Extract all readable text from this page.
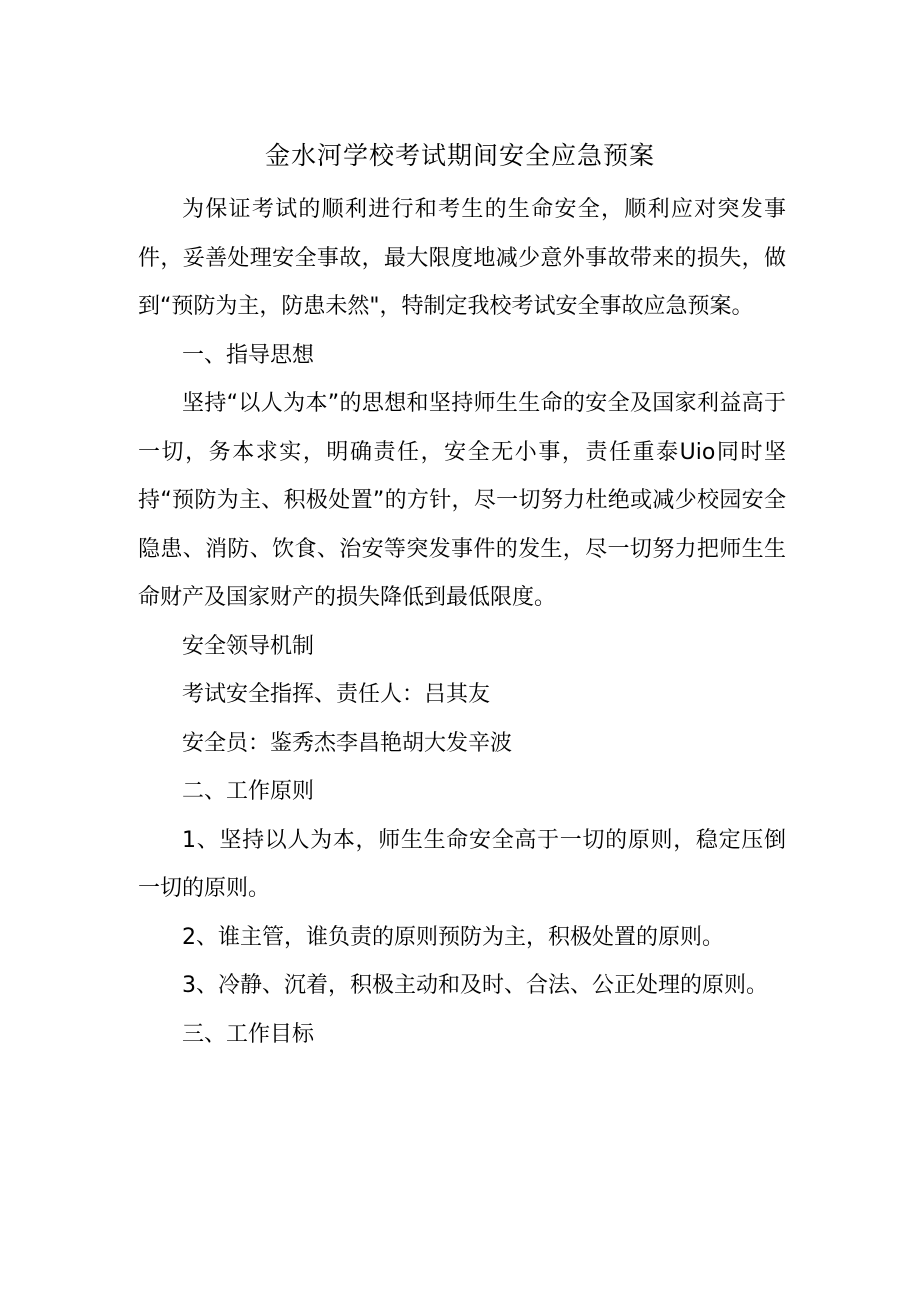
金水河学校考试期间安全应急预案

为保证考试的顺利进行和考生的生命安全，顺利应对突发事件，妥善处理安全事故，最大限度地减少意外事故带来的损失，做到“预防为主，防患未然"，特制定我校考试安全事故应急预案。

一、指导思想

坚持“以人为本”的思想和坚持师生生命的安全及国家利益高于一切，务本求实，明确责任，安全无小事，责任重泰Uio同时坚持“预防为主、积极处置”的方针，尽一切努力杜绝或减少校园安全隐患、消防、饮食、治安等突发事件的发生，尽一切努力把师生生命财产及国家财产的损失降低到最低限度。

安全领导机制

考试安全指挥、责任人：吕其友

安全员：鉴秀杰李昌艳胡大发辛波

二、工作原则

1、坚持以人为本，师生生命安全高于一切的原则，稳定压倒一切的原则。

2、谁主管，谁负责的原则预防为主，积极处置的原则。

3、冷静、沉着，积极主动和及时、合法、公正处理的原则。

三、工作目标
